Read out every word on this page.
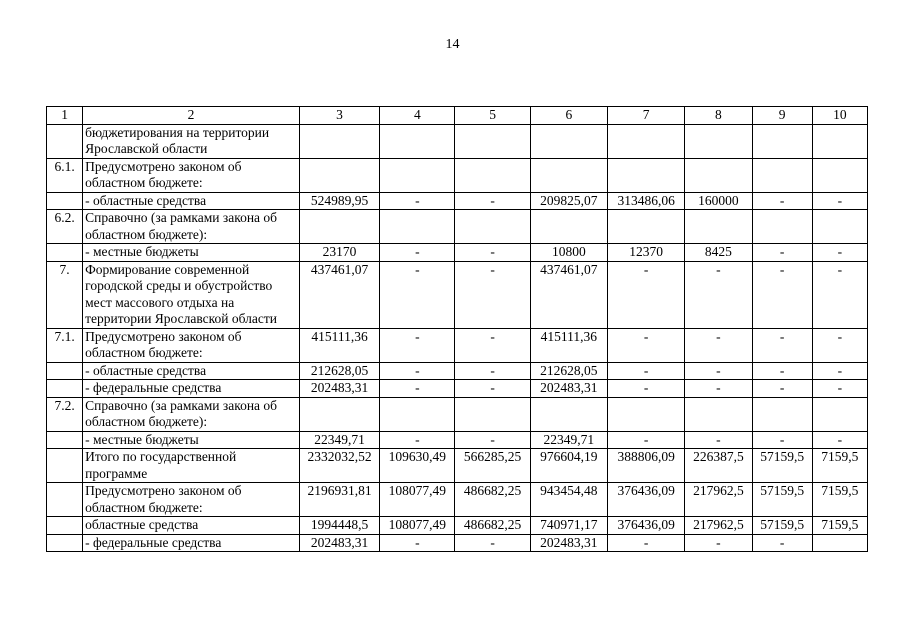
14
1	2	3	4	5	6	7	8	9	10
	бюджетирования на территории Ярославской области								
6.1.	Предусмотрено законом об областном бюджете:								
	- областные средства	524989,95	-	-	209825,07	313486,06	160000	-	-
6.2.	Справочно (за рамками закона об областном бюджете):								
	- местные бюджеты	23170	-	-	10800	12370	8425	-	-
7.	Формирование современной городской среды и обустройство мест массового отдыха на территории Ярославской области	437461,07	-	-	437461,07	-	-	-	-
7.1.	Предусмотрено законом об областном бюджете:	415111,36	-	-	415111,36	-	-	-	-
	- областные средства	212628,05	-	-	212628,05	-	-	-	-
	- федеральные средства	202483,31	-	-	202483,31	-	-	-	-
7.2.	Справочно (за рамками закона об областном бюджете):								
	- местные бюджеты	22349,71	-	-	22349,71	-	-	-	-
	Итого по государственной программе	2332032,52	109630,49	566285,25	976604,19	388806,09	226387,5	57159,5	7159,5
	Предусмотрено законом об областном бюджете:	2196931,81	108077,49	486682,25	943454,48	376436,09	217962,5	57159,5	7159,5
	областные средства	1994448,5	108077,49	486682,25	740971,17	376436,09	217962,5	57159,5	7159,5
	- федеральные средства	202483,31	-	-	202483,31	-	-	-	
